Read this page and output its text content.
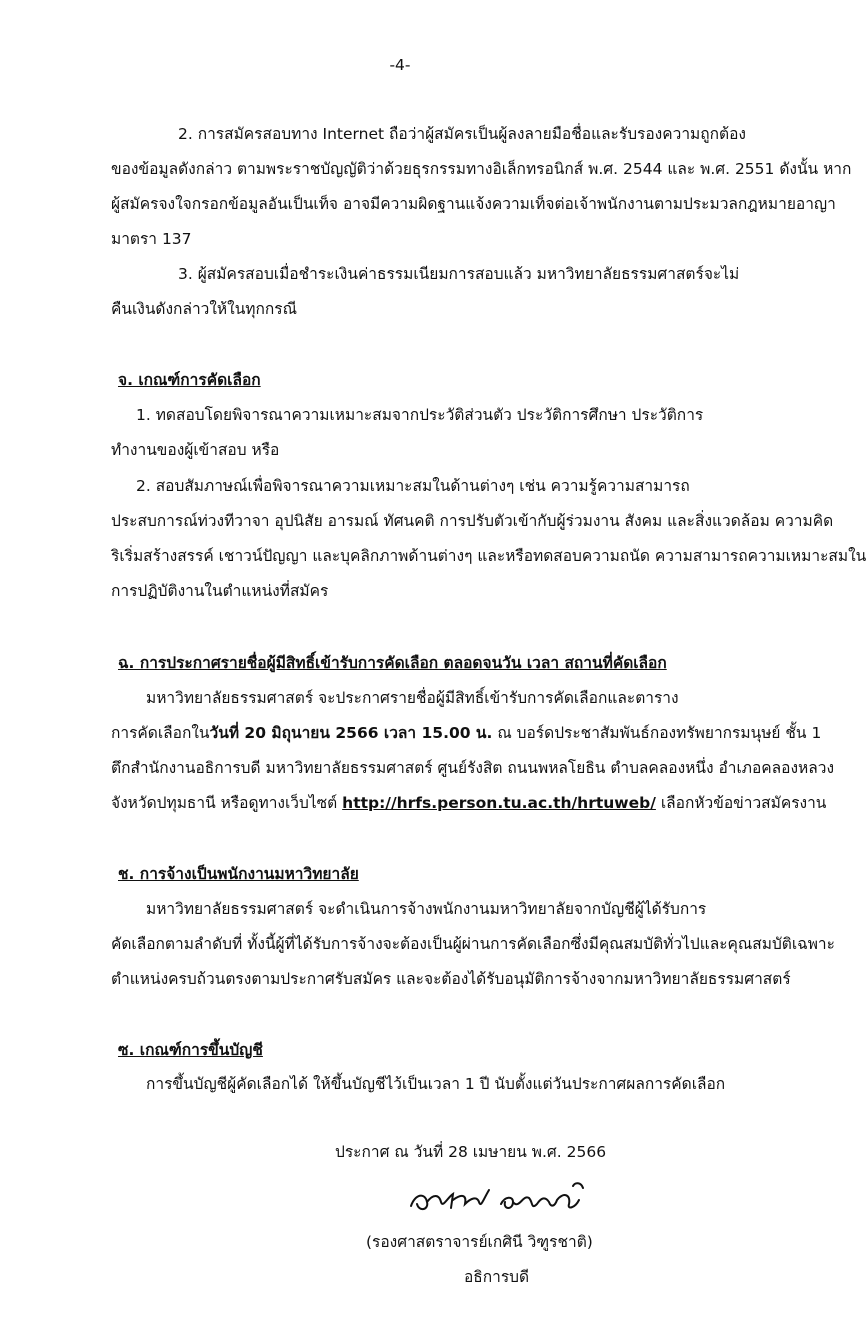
-4-
2. การสมัครสอบทาง Internet ถือว่าผู้สมัครเป็นผู้ลงลายมือชื่อและรับรองความถูกต้อง
ของข้อมูลดังกล่าว ตามพระราชบัญญัติว่าด้วยธุรกรรมทางอิเล็กทรอนิกส์ พ.ศ. 2544 และ พ.ศ. 2551 ดังนั้น หาก
ผู้สมัครจงใจกรอกข้อมูลอันเป็นเท็จ อาจมีความผิดฐานแจ้งความเท็จต่อเจ้าพนักงานตามประมวลกฎหมายอาญา
มาตรา 137
3. ผู้สมัครสอบเมื่อชำระเงินค่าธรรมเนียมการสอบแล้ว มหาวิทยาลัยธรรมศาสตร์จะไม่
คืนเงินดังกล่าวให้ในทุกกรณี
จ. เกณฑ์การคัดเลือก
1. ทดสอบโดยพิจารณาความเหมาะสมจากประวัติส่วนตัว ประวัติการศึกษา ประวัติการ
ทำงานของผู้เข้าสอบ หรือ
2. สอบสัมภาษณ์เพื่อพิจารณาความเหมาะสมในด้านต่างๆ เช่น ความรู้ความสามารถ
ประสบการณ์ท่วงทีวาจา อุปนิสัย อารมณ์ ทัศนคติ การปรับตัวเข้ากับผู้ร่วมงาน สังคม และสิ่งแวดล้อม ความคิด
ริเริ่มสร้างสรรค์ เชาวน์ปัญญา และบุคลิกภาพด้านต่างๆ และหรือทดสอบความถนัด ความสามารถความเหมาะสมใน
การปฏิบัติงานในตำแหน่งที่สมัคร
ฉ. การประกาศรายชื่อผู้มีสิทธิ์เข้ารับการคัดเลือก ตลอดจนวัน เวลา สถานที่คัดเลือก
มหาวิทยาลัยธรรมศาสตร์ จะประกาศรายชื่อผู้มีสิทธิ์เข้ารับการคัดเลือกและตาราง
การคัดเลือกในวันที่ 20 มิถุนายน 2566 เวลา 15.00 น. ณ บอร์ดประชาสัมพันธ์กองทรัพยากรมนุษย์ ชั้น 1
ตึกสำนักงานอธิการบดี มหาวิทยาลัยธรรมศาสตร์ ศูนย์รังสิต ถนนพหลโยธิน ตำบลคลองหนึ่ง อำเภอคลองหลวง
จังหวัดปทุมธานี หรือดูทางเว็บไซต์ http://hrfs.person.tu.ac.th/hrtuweb/ เลือกหัวข้อข่าวสมัครงาน
ช. การจ้างเป็นพนักงานมหาวิทยาลัย
มหาวิทยาลัยธรรมศาสตร์ จะดำเนินการจ้างพนักงานมหาวิทยาลัยจากบัญชีผู้ได้รับการ
คัดเลือกตามลำดับที่ ทั้งนี้ผู้ที่ได้รับการจ้างจะต้องเป็นผู้ผ่านการคัดเลือกซึ่งมีคุณสมบัติทั่วไปและคุณสมบัติเฉพาะ
ตำแหน่งครบถ้วนตรงตามประกาศรับสมัคร และจะต้องได้รับอนุมัติการจ้างจากมหาวิทยาลัยธรรมศาสตร์
ซ. เกณฑ์การขึ้นบัญชี
การขึ้นบัญชีผู้คัดเลือกได้ ให้ขึ้นบัญชีไว้เป็นเวลา 1 ปี นับตั้งแต่วันประกาศผลการคัดเลือก
ประกาศ ณ วันที่ 28 เมษายน พ.ศ. 2566
(รองศาสตราจารย์เกศินี วิฑูรชาติ)
อธิการบดี
